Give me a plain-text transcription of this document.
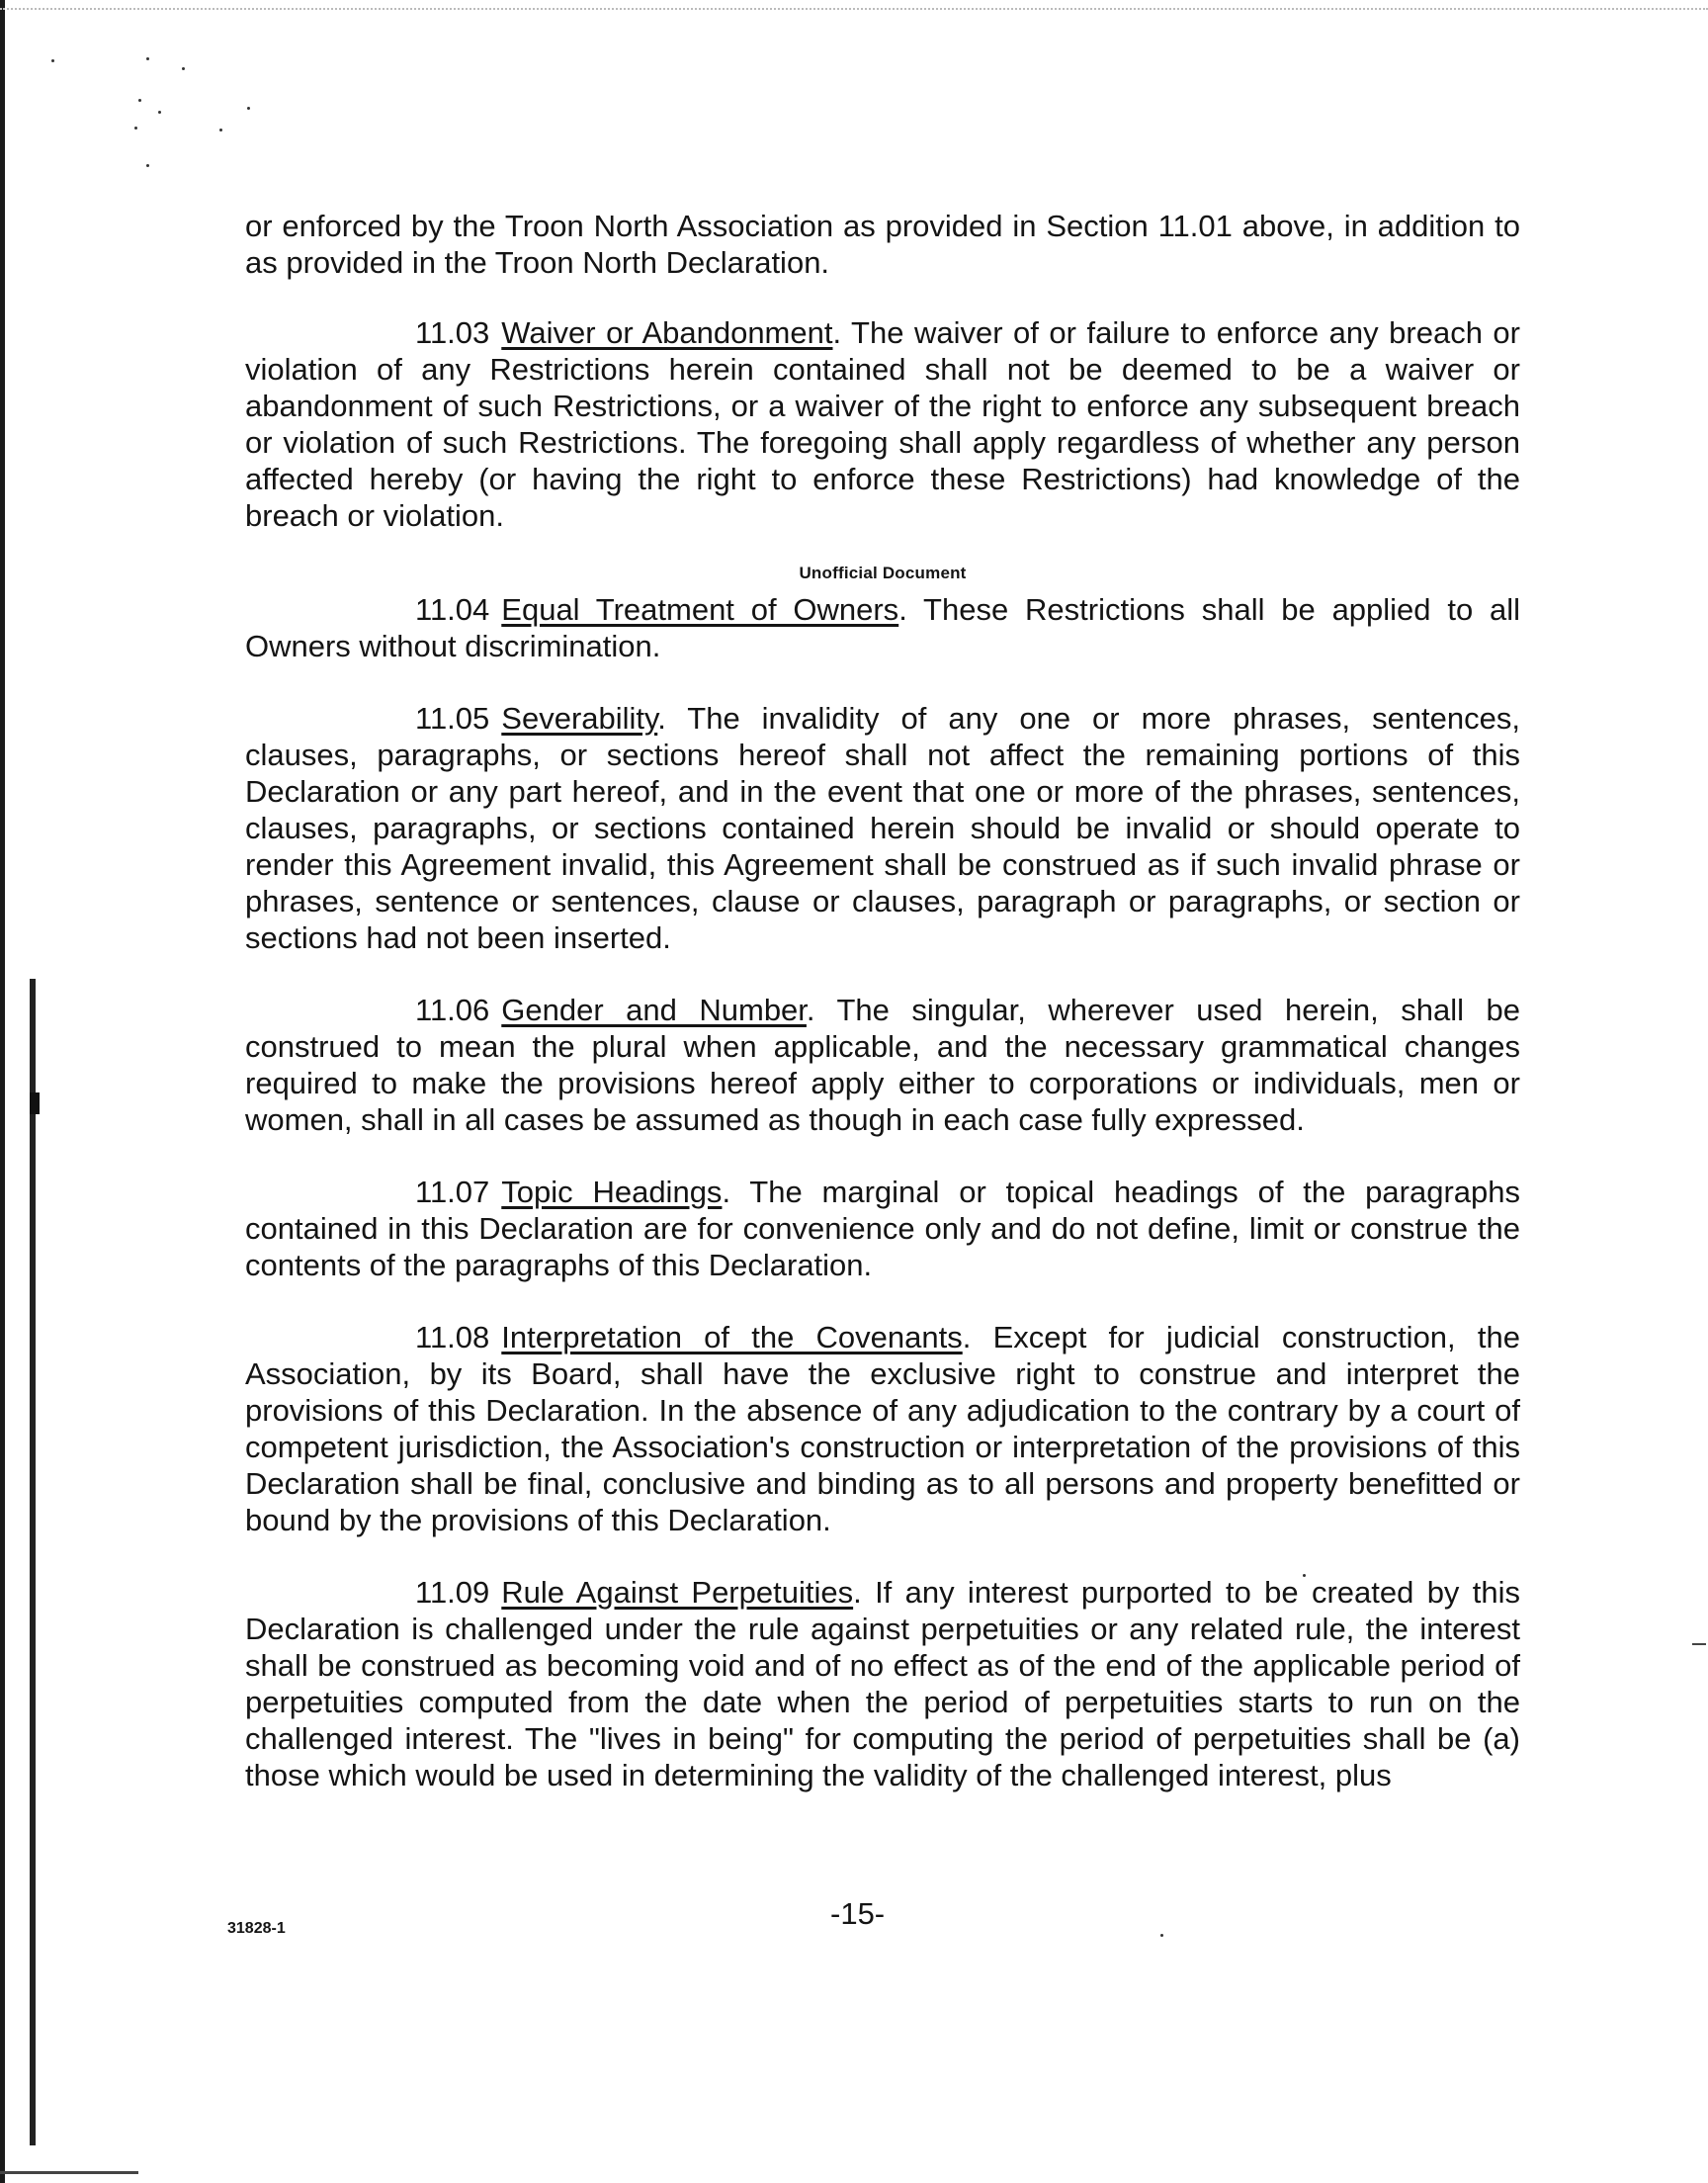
or enforced by the Troon North Association as provided in Section 11.01 above, in addition to as provided in the Troon North Declaration.

11.03 Waiver or Abandonment. The waiver of or failure to enforce any breach or violation of any Restrictions herein contained shall not be deemed to be a waiver or abandonment of such Restrictions, or a waiver of the right to enforce any subsequent breach or violation of such Restrictions. The foregoing shall apply regardless of whether any person affected hereby (or having the right to enforce these Restrictions) had knowledge of the breach or violation.

Unofficial Document

11.04 Equal Treatment of Owners. These Restrictions shall be applied to all Owners without discrimination.

11.05 Severability. The invalidity of any one or more phrases, sentences, clauses, paragraphs, or sections hereof shall not affect the remaining portions of this Declaration or any part hereof, and in the event that one or more of the phrases, sentences, clauses, paragraphs, or sections contained herein should be invalid or should operate to render this Agreement invalid, this Agreement shall be construed as if such invalid phrase or phrases, sentence or sentences, clause or clauses, paragraph or paragraphs, or section or sections had not been inserted.

11.06 Gender and Number. The singular, wherever used herein, shall be construed to mean the plural when applicable, and the necessary grammatical changes required to make the provisions hereof apply either to corporations or individuals, men or women, shall in all cases be assumed as though in each case fully expressed.

11.07 Topic Headings. The marginal or topical headings of the paragraphs contained in this Declaration are for convenience only and do not define, limit or construe the contents of the paragraphs of this Declaration.

11.08 Interpretation of the Covenants. Except for judicial construction, the Association, by its Board, shall have the exclusive right to construe and interpret the provisions of this Declaration. In the absence of any adjudication to the contrary by a court of competent jurisdiction, the Association's construction or interpretation of the provisions of this Declaration shall be final, conclusive and binding as to all persons and property benefitted or bound by the provisions of this Declaration.

11.09 Rule Against Perpetuities. If any interest purported to be created by this Declaration is challenged under the rule against perpetuities or any related rule, the interest shall be construed as becoming void and of no effect as of the end of the applicable period of perpetuities computed from the date when the period of perpetuities starts to run on the challenged interest. The "lives in being" for computing the period of perpetuities shall be (a) those which would be used in determining the validity of the challenged interest, plus

-15-
31828-1
